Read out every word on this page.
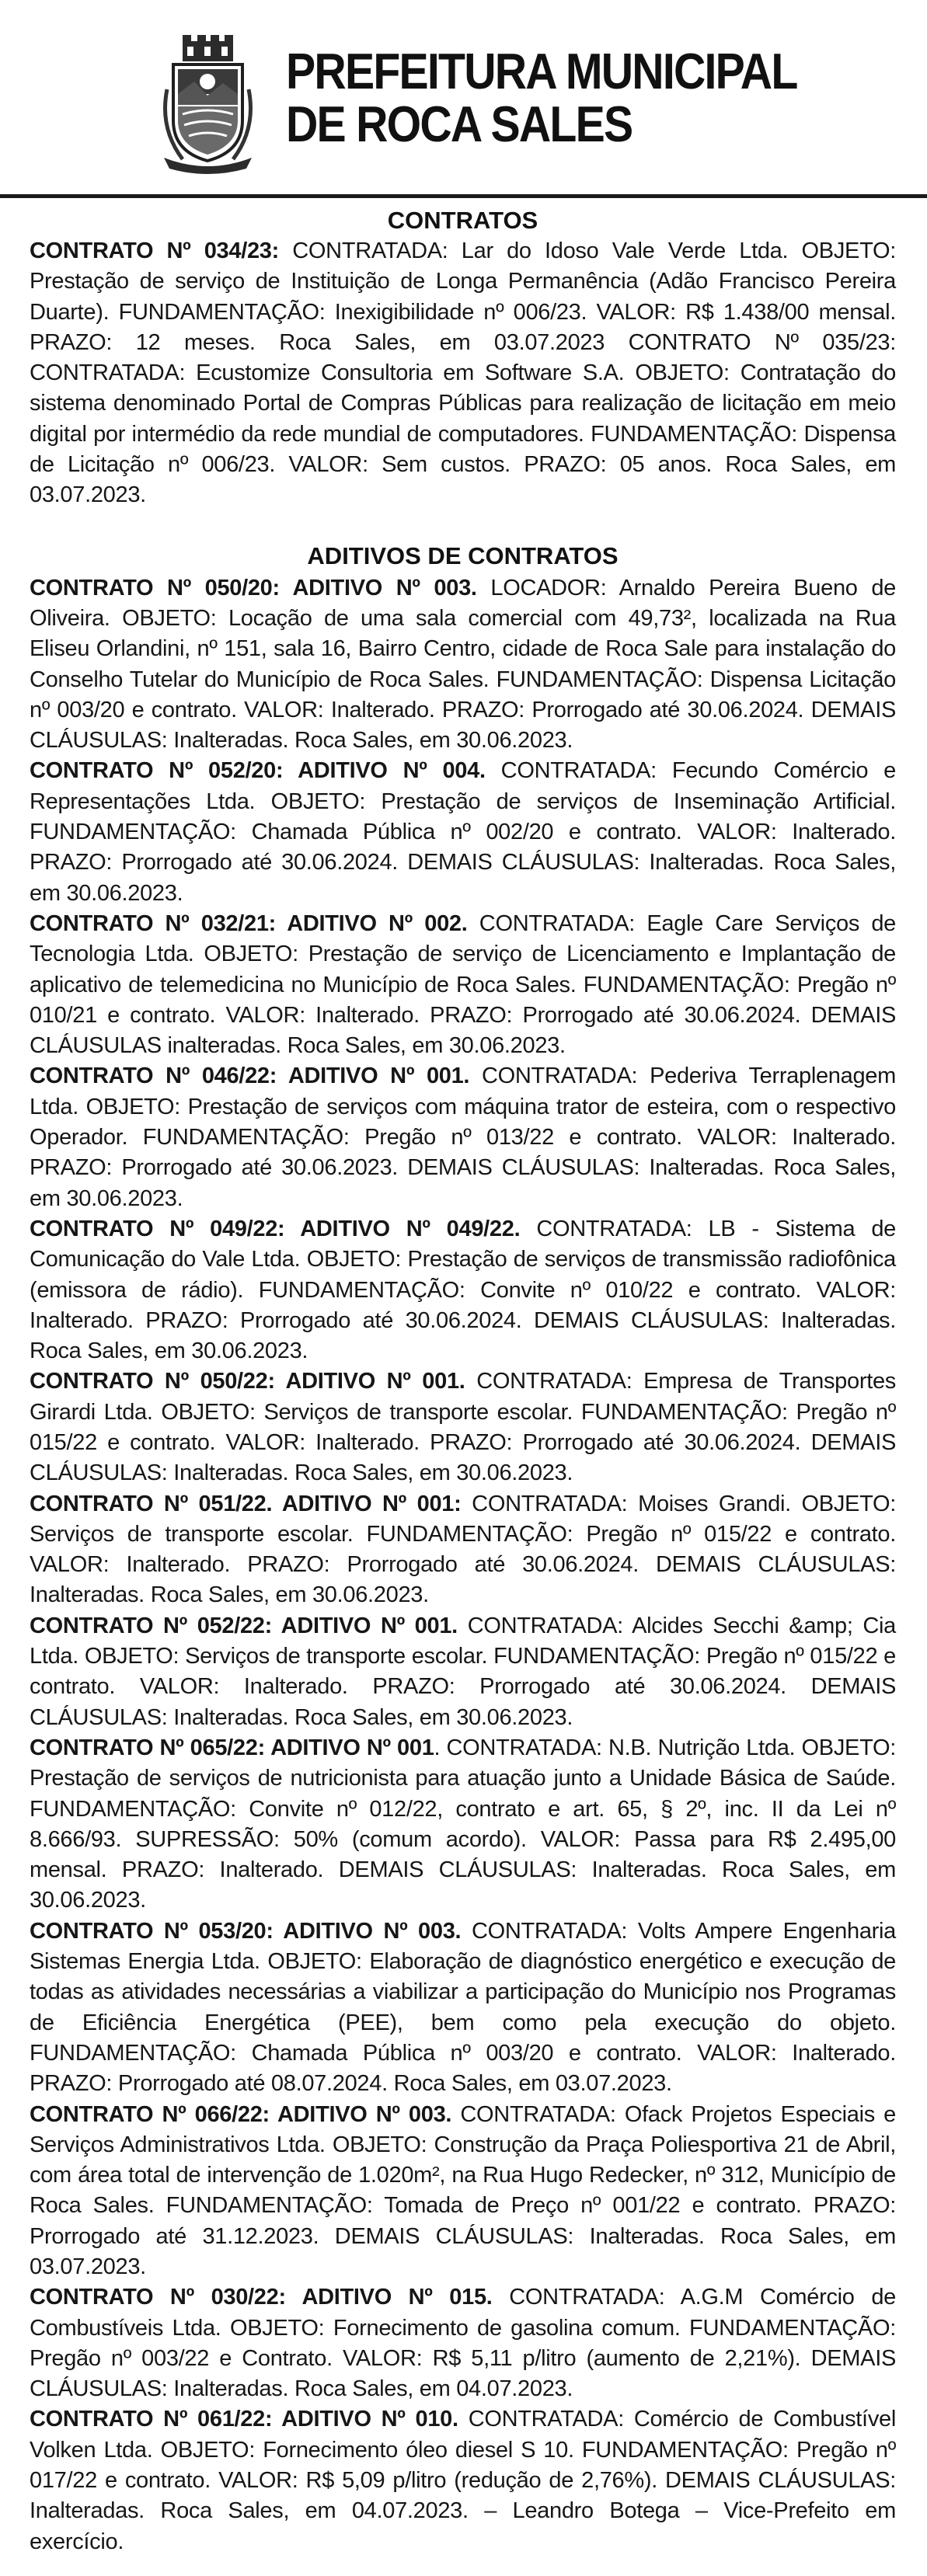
PREFEITURA MUNICIPAL
DE ROCA SALES
CONTRATOS

CONTRATO Nº 034/23: CONTRATADA: Lar do Idoso Vale Verde Ltda. OBJETO: Prestação de serviço de Instituição de Longa Permanência (Adão Francisco Pereira Duarte). FUNDAMENTAÇÃO: Inexigibilidade nº 006/23. VALOR: R$ 1.438/00 mensal. PRAZO: 12 meses. Roca Sales, em 03.07.2023 CONTRATO Nº 035/23: CONTRATADA: Ecustomize Consultoria em Software S.A. OBJETO: Contratação do sistema denominado Portal de Compras Públicas para realização de licitação em meio digital por intermédio da rede mundial de computadores. FUNDAMENTAÇÃO: Dispensa de Licitação nº 006/23. VALOR: Sem custos. PRAZO: 05 anos. Roca Sales, em 03.07.2023.

ADITIVOS DE CONTRATOS

CONTRATO Nº 050/20: ADITIVO Nº 003. LOCADOR: Arnaldo Pereira Bueno de Oliveira. OBJETO: Locação de uma sala comercial com 49,73², localizada na Rua Eliseu Orlandini, nº 151, sala 16, Bairro Centro, cidade de Roca Sale para instalação do Conselho Tutelar do Município de Roca Sales. FUNDAMENTAÇÃO: Dispensa Licitação nº 003/20 e contrato. VALOR: Inalterado. PRAZO: Prorrogado até 30.06.2024. DEMAIS CLÁUSULAS: Inalteradas. Roca Sales, em 30.06.2023.

CONTRATO Nº 052/20: ADITIVO Nº 004. CONTRATADA: Fecundo Comércio e Representações Ltda. OBJETO: Prestação de serviços de Inseminação Artificial. FUNDAMENTAÇÃO: Chamada Pública nº 002/20 e contrato. VALOR: Inalterado. PRAZO: Prorrogado até 30.06.2024. DEMAIS CLÁUSULAS: Inalteradas. Roca Sales, em 30.06.2023.

CONTRATO Nº 032/21: ADITIVO Nº 002. CONTRATADA: Eagle Care Serviços de Tecnologia Ltda. OBJETO: Prestação de serviço de Licenciamento e Implantação de aplicativo de telemedicina no Município de Roca Sales. FUNDAMENTAÇÃO: Pregão nº 010/21 e contrato. VALOR: Inalterado. PRAZO: Prorrogado até 30.06.2024. DEMAIS CLÁUSULAS inalteradas. Roca Sales, em 30.06.2023.

CONTRATO Nº 046/22: ADITIVO Nº 001. CONTRATADA: Pederiva Terraplenagem Ltda. OBJETO: Prestação de serviços com máquina trator de esteira, com o respectivo Operador. FUNDAMENTAÇÃO: Pregão nº 013/22 e contrato. VALOR: Inalterado. PRAZO: Prorrogado até 30.06.2023. DEMAIS CLÁUSULAS: Inalteradas. Roca Sales, em 30.06.2023.

CONTRATO Nº 049/22: ADITIVO Nº 049/22. CONTRATADA: LB - Sistema de Comunicação do Vale Ltda. OBJETO: Prestação de serviços de transmissão radiofônica (emissora de rádio). FUNDAMENTAÇÃO: Convite nº 010/22 e contrato. VALOR: Inalterado. PRAZO: Prorrogado até 30.06.2024. DEMAIS CLÁUSULAS: Inalteradas. Roca Sales, em 30.06.2023.

CONTRATO Nº 050/22: ADITIVO Nº 001. CONTRATADA: Empresa de Transportes Girardi Ltda. OBJETO: Serviços de transporte escolar. FUNDAMENTAÇÃO: Pregão nº 015/22 e contrato. VALOR: Inalterado. PRAZO: Prorrogado até 30.06.2024. DEMAIS CLÁUSULAS: Inalteradas. Roca Sales, em 30.06.2023.

CONTRATO Nº 051/22. ADITIVO Nº 001: CONTRATADA: Moises Grandi. OBJETO: Serviços de transporte escolar. FUNDAMENTAÇÃO: Pregão nº 015/22 e contrato. VALOR: Inalterado. PRAZO: Prorrogado até 30.06.2024. DEMAIS CLÁUSULAS: Inalteradas. Roca Sales, em 30.06.2023.

CONTRATO Nº 052/22: ADITIVO Nº 001. CONTRATADA: Alcides Secchi &amp; Cia Ltda. OBJETO: Serviços de transporte escolar. FUNDAMENTAÇÃO: Pregão nº 015/22 e contrato. VALOR: Inalterado. PRAZO: Prorrogado até 30.06.2024. DEMAIS CLÁUSULAS: Inalteradas. Roca Sales, em 30.06.2023.

CONTRATO Nº 065/22: ADITIVO Nº 001. CONTRATADA: N.B. Nutrição Ltda. OBJETO: Prestação de serviços de nutricionista para atuação junto a Unidade Básica de Saúde. FUNDAMENTAÇÃO: Convite nº 012/22, contrato e art. 65, § 2º, inc. II da Lei nº 8.666/93. SUPRESSÃO: 50% (comum acordo). VALOR: Passa para R$ 2.495,00 mensal. PRAZO: Inalterado. DEMAIS CLÁUSULAS: Inalteradas. Roca Sales, em 30.06.2023.

CONTRATO Nº 053/20: ADITIVO Nº 003. CONTRATADA: Volts Ampere Engenharia Sistemas Energia Ltda. OBJETO: Elaboração de diagnóstico energético e execução de todas as atividades necessárias a viabilizar a participação do Município nos Programas de Eficiência Energética (PEE), bem como pela execução do objeto. FUNDAMENTAÇÃO: Chamada Pública nº 003/20 e contrato. VALOR: Inalterado. PRAZO: Prorrogado até 08.07.2024. Roca Sales, em 03.07.2023.

CONTRATO Nº 066/22: ADITIVO Nº 003. CONTRATADA: Ofack Projetos Especiais e Serviços Administrativos Ltda. OBJETO: Construção da Praça Poliesportiva 21 de Abril, com área total de intervenção de 1.020m², na Rua Hugo Redecker, nº 312, Município de Roca Sales. FUNDAMENTAÇÃO: Tomada de Preço nº 001/22 e contrato. PRAZO: Prorrogado até 31.12.2023. DEMAIS CLÁUSULAS: Inalteradas. Roca Sales, em 03.07.2023.

CONTRATO Nº 030/22: ADITIVO Nº 015. CONTRATADA: A.G.M Comércio de Combustíveis Ltda. OBJETO: Fornecimento de gasolina comum. FUNDAMENTAÇÃO: Pregão nº 003/22 e Contrato. VALOR: R$ 5,11 p/litro (aumento de 2,21%). DEMAIS CLÁUSULAS: Inalteradas. Roca Sales, em 04.07.2023.

CONTRATO Nº 061/22: ADITIVO Nº 010. CONTRATADA: Comércio de Combustível Volken Ltda. OBJETO: Fornecimento óleo diesel S 10. FUNDAMENTAÇÃO: Pregão nº 017/22 e contrato. VALOR: R$ 5,09 p/litro (redução de 2,76%). DEMAIS CLÁUSULAS: Inalteradas. Roca Sales, em 04.07.2023. – Leandro Botega – Vice-Prefeito em exercício.
